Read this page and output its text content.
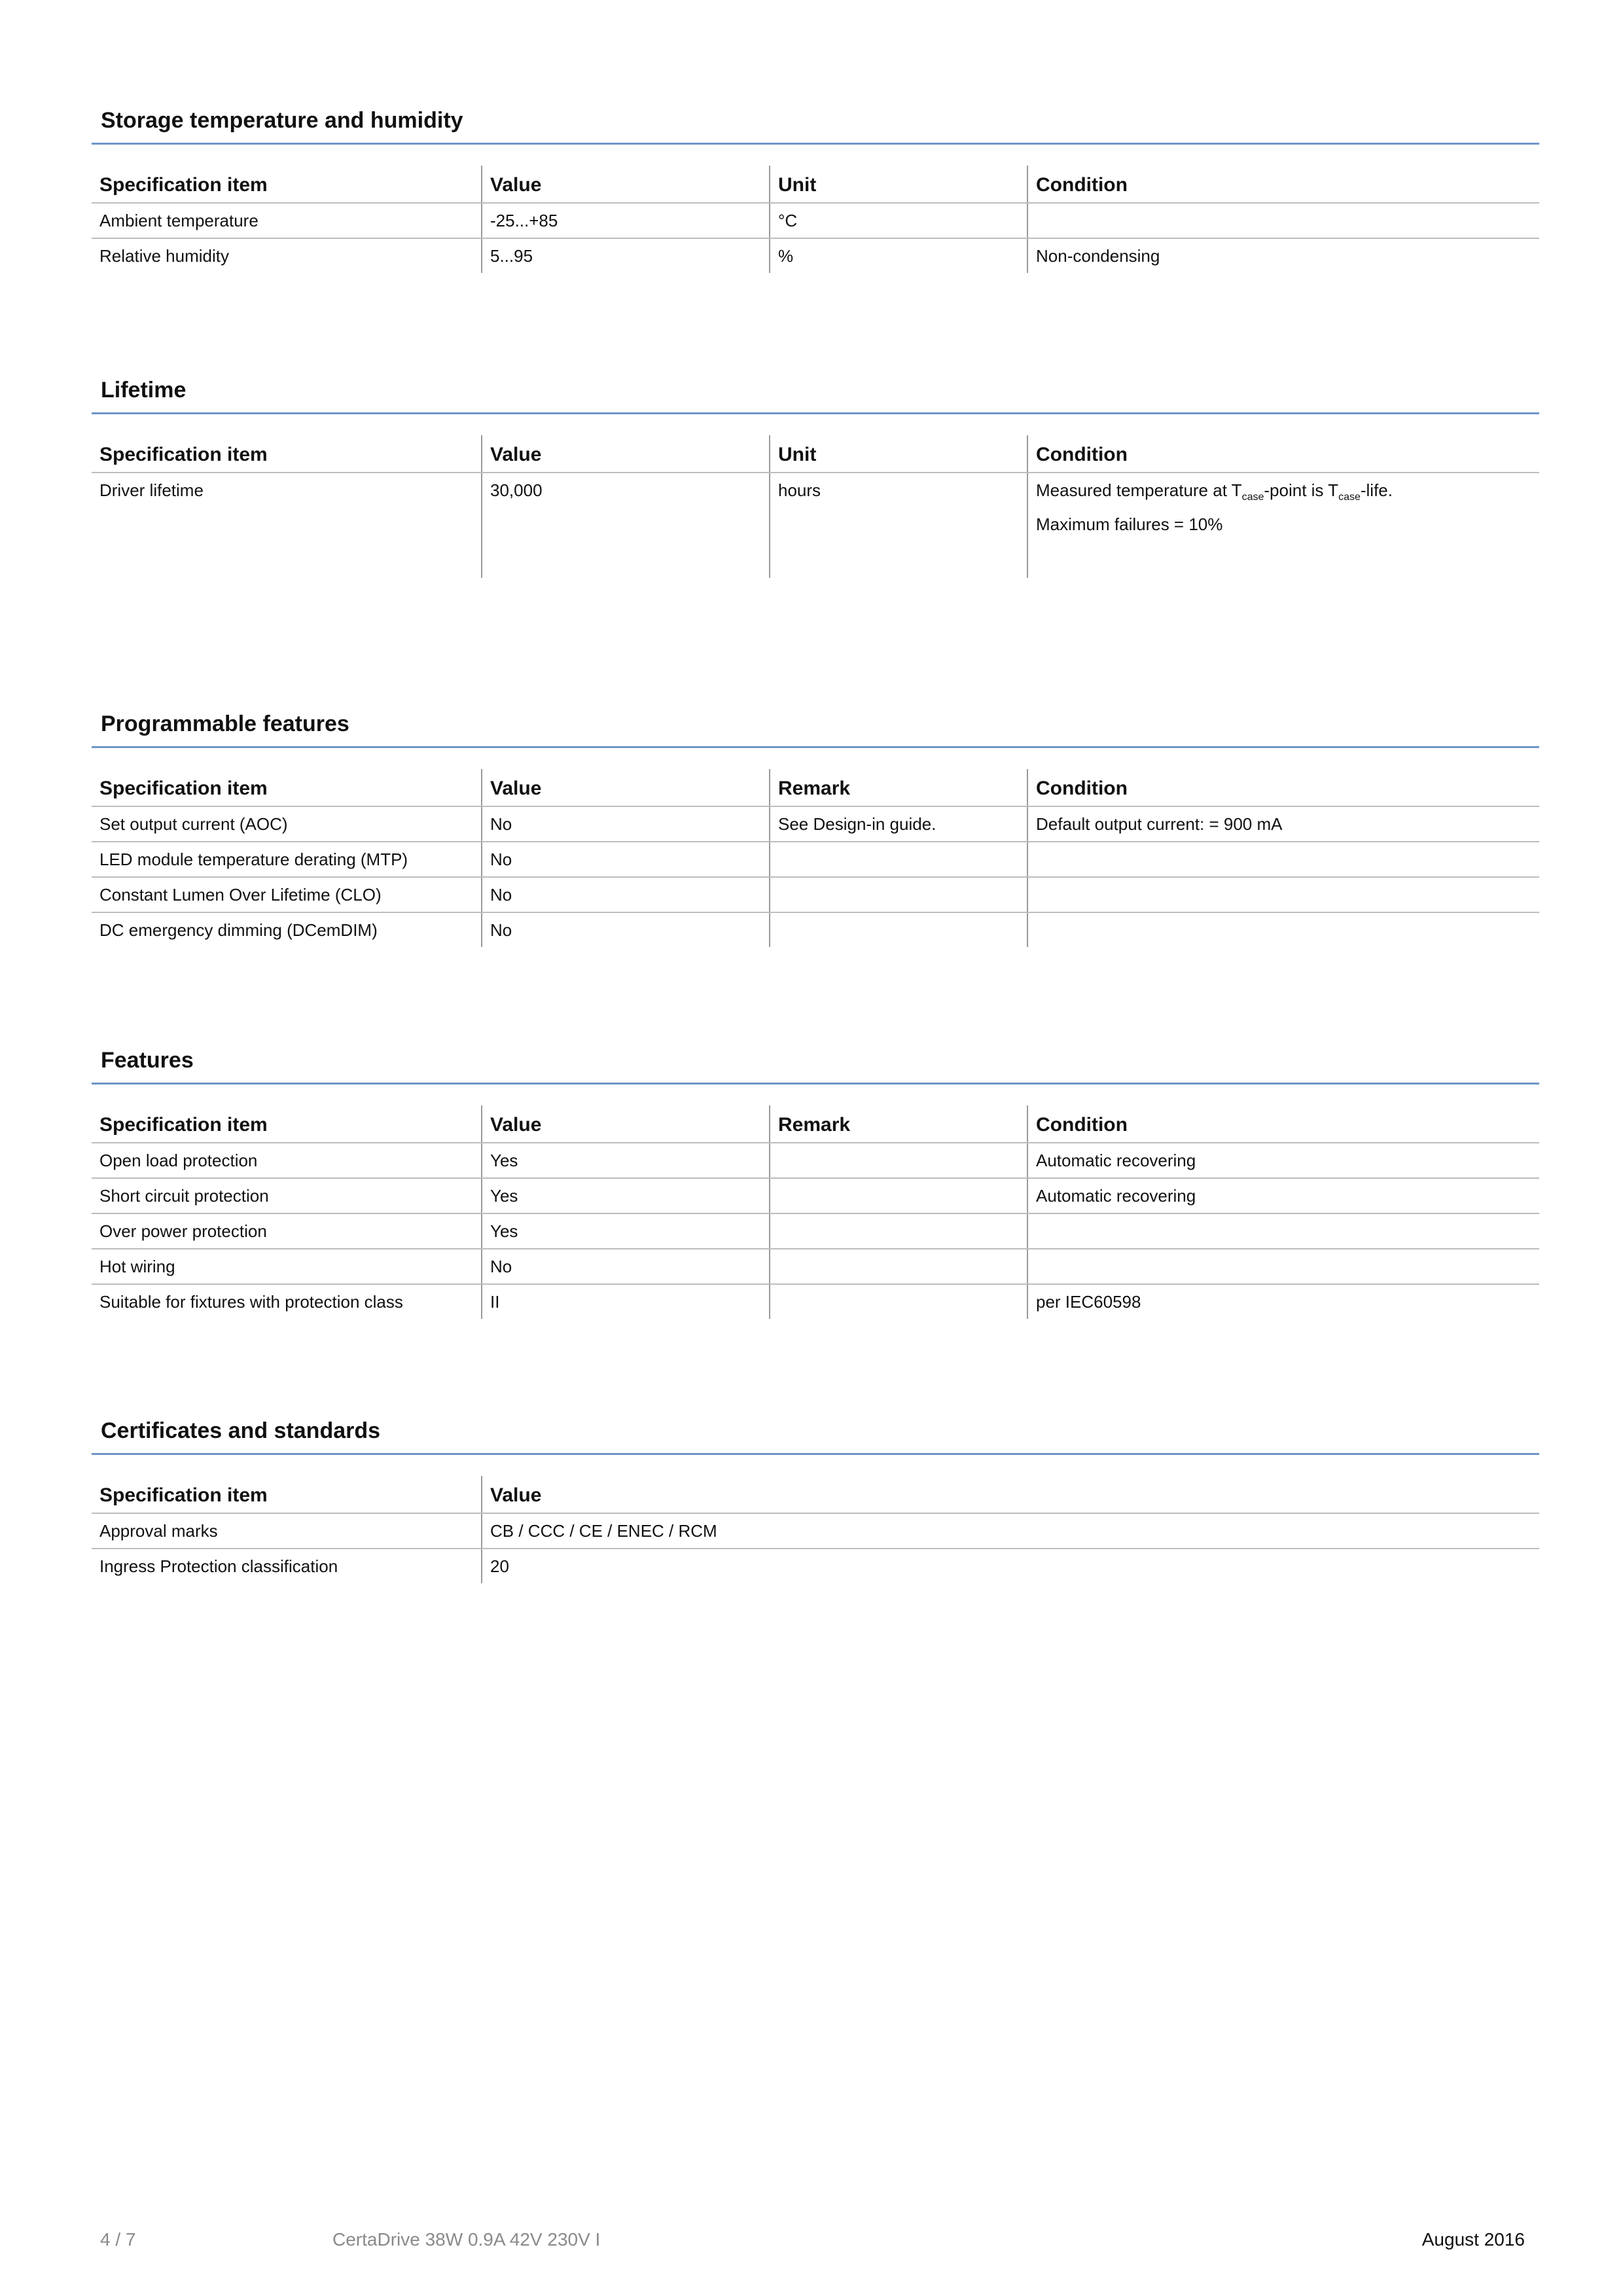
Storage temperature and humidity
Specification item	Value	Unit	Condition
Ambient temperature	-25...+85	°C	
Relative humidity	5...95	%	Non-condensing
Lifetime
Specification item	Value	Unit	Condition
Driver lifetime	30,000	hours	Measured temperature at $T_{case}$-point is $T_{case}$-life.
Maximum failures = 10%
Programmable features
Specification item	Value	Remark	Condition
Set output current (AOC)	No	See Design-in guide.	Default output current: = 900 mA
LED module temperature derating (MTP)	No		
Constant Lumen Over Lifetime (CLO)	No		
DC emergency dimming (DCemDIM)	No		
Features
Specification item	Value	Remark	Condition
Open load protection	Yes		Automatic recovering
Short circuit protection	Yes		Automatic recovering
Over power protection	Yes		
Hot wiring	No		
Suitable for fixtures with protection class	II		per IEC60598
Certificates and standards
Specification item	Value
Approval marks	CB / CCC / CE / ENEC / RCM
Ingress Protection classification	20
4 / 7	CertaDrive 38W 0.9A 42V 230V I	August 2016
